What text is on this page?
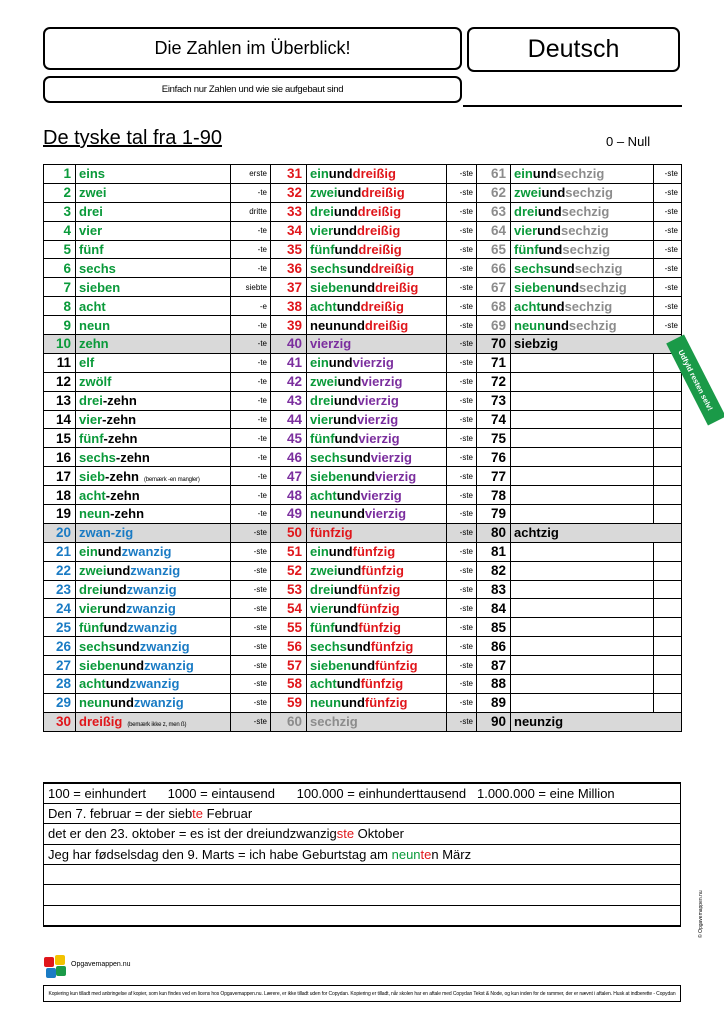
Die Zahlen im Überblick!	Deutsch
Einfach nur Zahlen und wie sie aufgebaut sind
De tyske tal fra 1-90	0 – Null
1	eins	erste	31	einunddreißig	-ste	61	einundsechzig	-ste
2	zwei	-te	32	zweiunddreißig	-ste	62	zweiundsechzig	-ste
3	drei	dritte	33	dreiunddreißig	-ste	63	dreiundsechzig	-ste
4	vier	-te	34	vierunddreißig	-ste	64	vierundsechzig	-ste
5	fünf	-te	35	fünfunddreißig	-ste	65	fünfundsechzig	-ste
6	sechs	-te	36	sechsunddreißig	-ste	66	sechsundsechzig	-ste
7	sieben	siebte	37	siebenunddreißig	-ste	67	siebenundsechzig	-ste
8	acht	-e	38	achtunddreißig	-ste	68	achtundsechzig	-ste
9	neun	-te	39	neununddreißig	-ste	69	neunundsechzig	-ste
10	zehn	-te	40	vierzig	-ste	70	siebzig	
11	elf	-te	41	einundvierzig	-ste	71		
12	zwölf	-te	42	zweiundvierzig	-ste	72		
13	drei-zehn	-te	43	dreiundvierzig	-ste	73		
14	vier-zehn	-te	44	vierundvierzig	-ste	74		
15	fünf-zehn	-te	45	fünfundvierzig	-ste	75		
16	sechs-zehn	-te	46	sechsundvierzig	-ste	76		
17	sieb-zehn (bemærk -en mangler)	-te	47	siebenundvierzig	-ste	77		
18	acht-zehn	-te	48	achtundvierzig	-ste	78		
19	neun-zehn	-te	49	neunundvierzig	-ste	79		
20	zwan-zig	-ste	50	fünfzig	-ste	80	achtzig	
21	einundzwanzig	-ste	51	einundfünfzig	-ste	81		
22	zweiundzwanzig	-ste	52	zweiundfünfzig	-ste	82		
23	dreiundzwanzig	-ste	53	dreiundfünfzig	-ste	83		
24	vierundzwanzig	-ste	54	vierundfünfzig	-ste	84		
25	fünfundzwanzig	-ste	55	fünfundfünfzig	-ste	85		
26	sechsundzwanzig	-ste	56	sechsundfünfzig	-ste	86		
27	siebenundzwanzig	-ste	57	siebenundfünfzig	-ste	87		
28	achtundzwanzig	-ste	58	achtundfünfzig	-ste	88		
29	neunundzwanzig	-ste	59	neunundfünfzig	-ste	89		
30	dreißig (bemærk ikke z, men ß)	-ste	60	sechzig	-ste	90	neunzig	
Udfyld resten selv!
100 = einhundert      1000 = eintausend      100.000 = einhunderttausend   1.000.000 = eine Million
Den 7. februar = der siebte Februar
det er den 23. oktober = es ist der dreiundzwanzigste Oktober
Jeg har fødselsdag den 9. Marts = ich habe Geburtstag am neunten März

Opgavemappen.nu
Kopiering kun tilladt med anbringelse af kopier, som kun findes ved en licens hos Opgavemappen.nu. Lærere, er ikke tilladt uden for Copydan. Kopiering er tilladt, når skolen har en aftale med Copydan Tekst & Node, og kun inden for de rammer, der er nævnt i aftalen. Husk at indberette - Copydan
© Opgavemappen.nu
